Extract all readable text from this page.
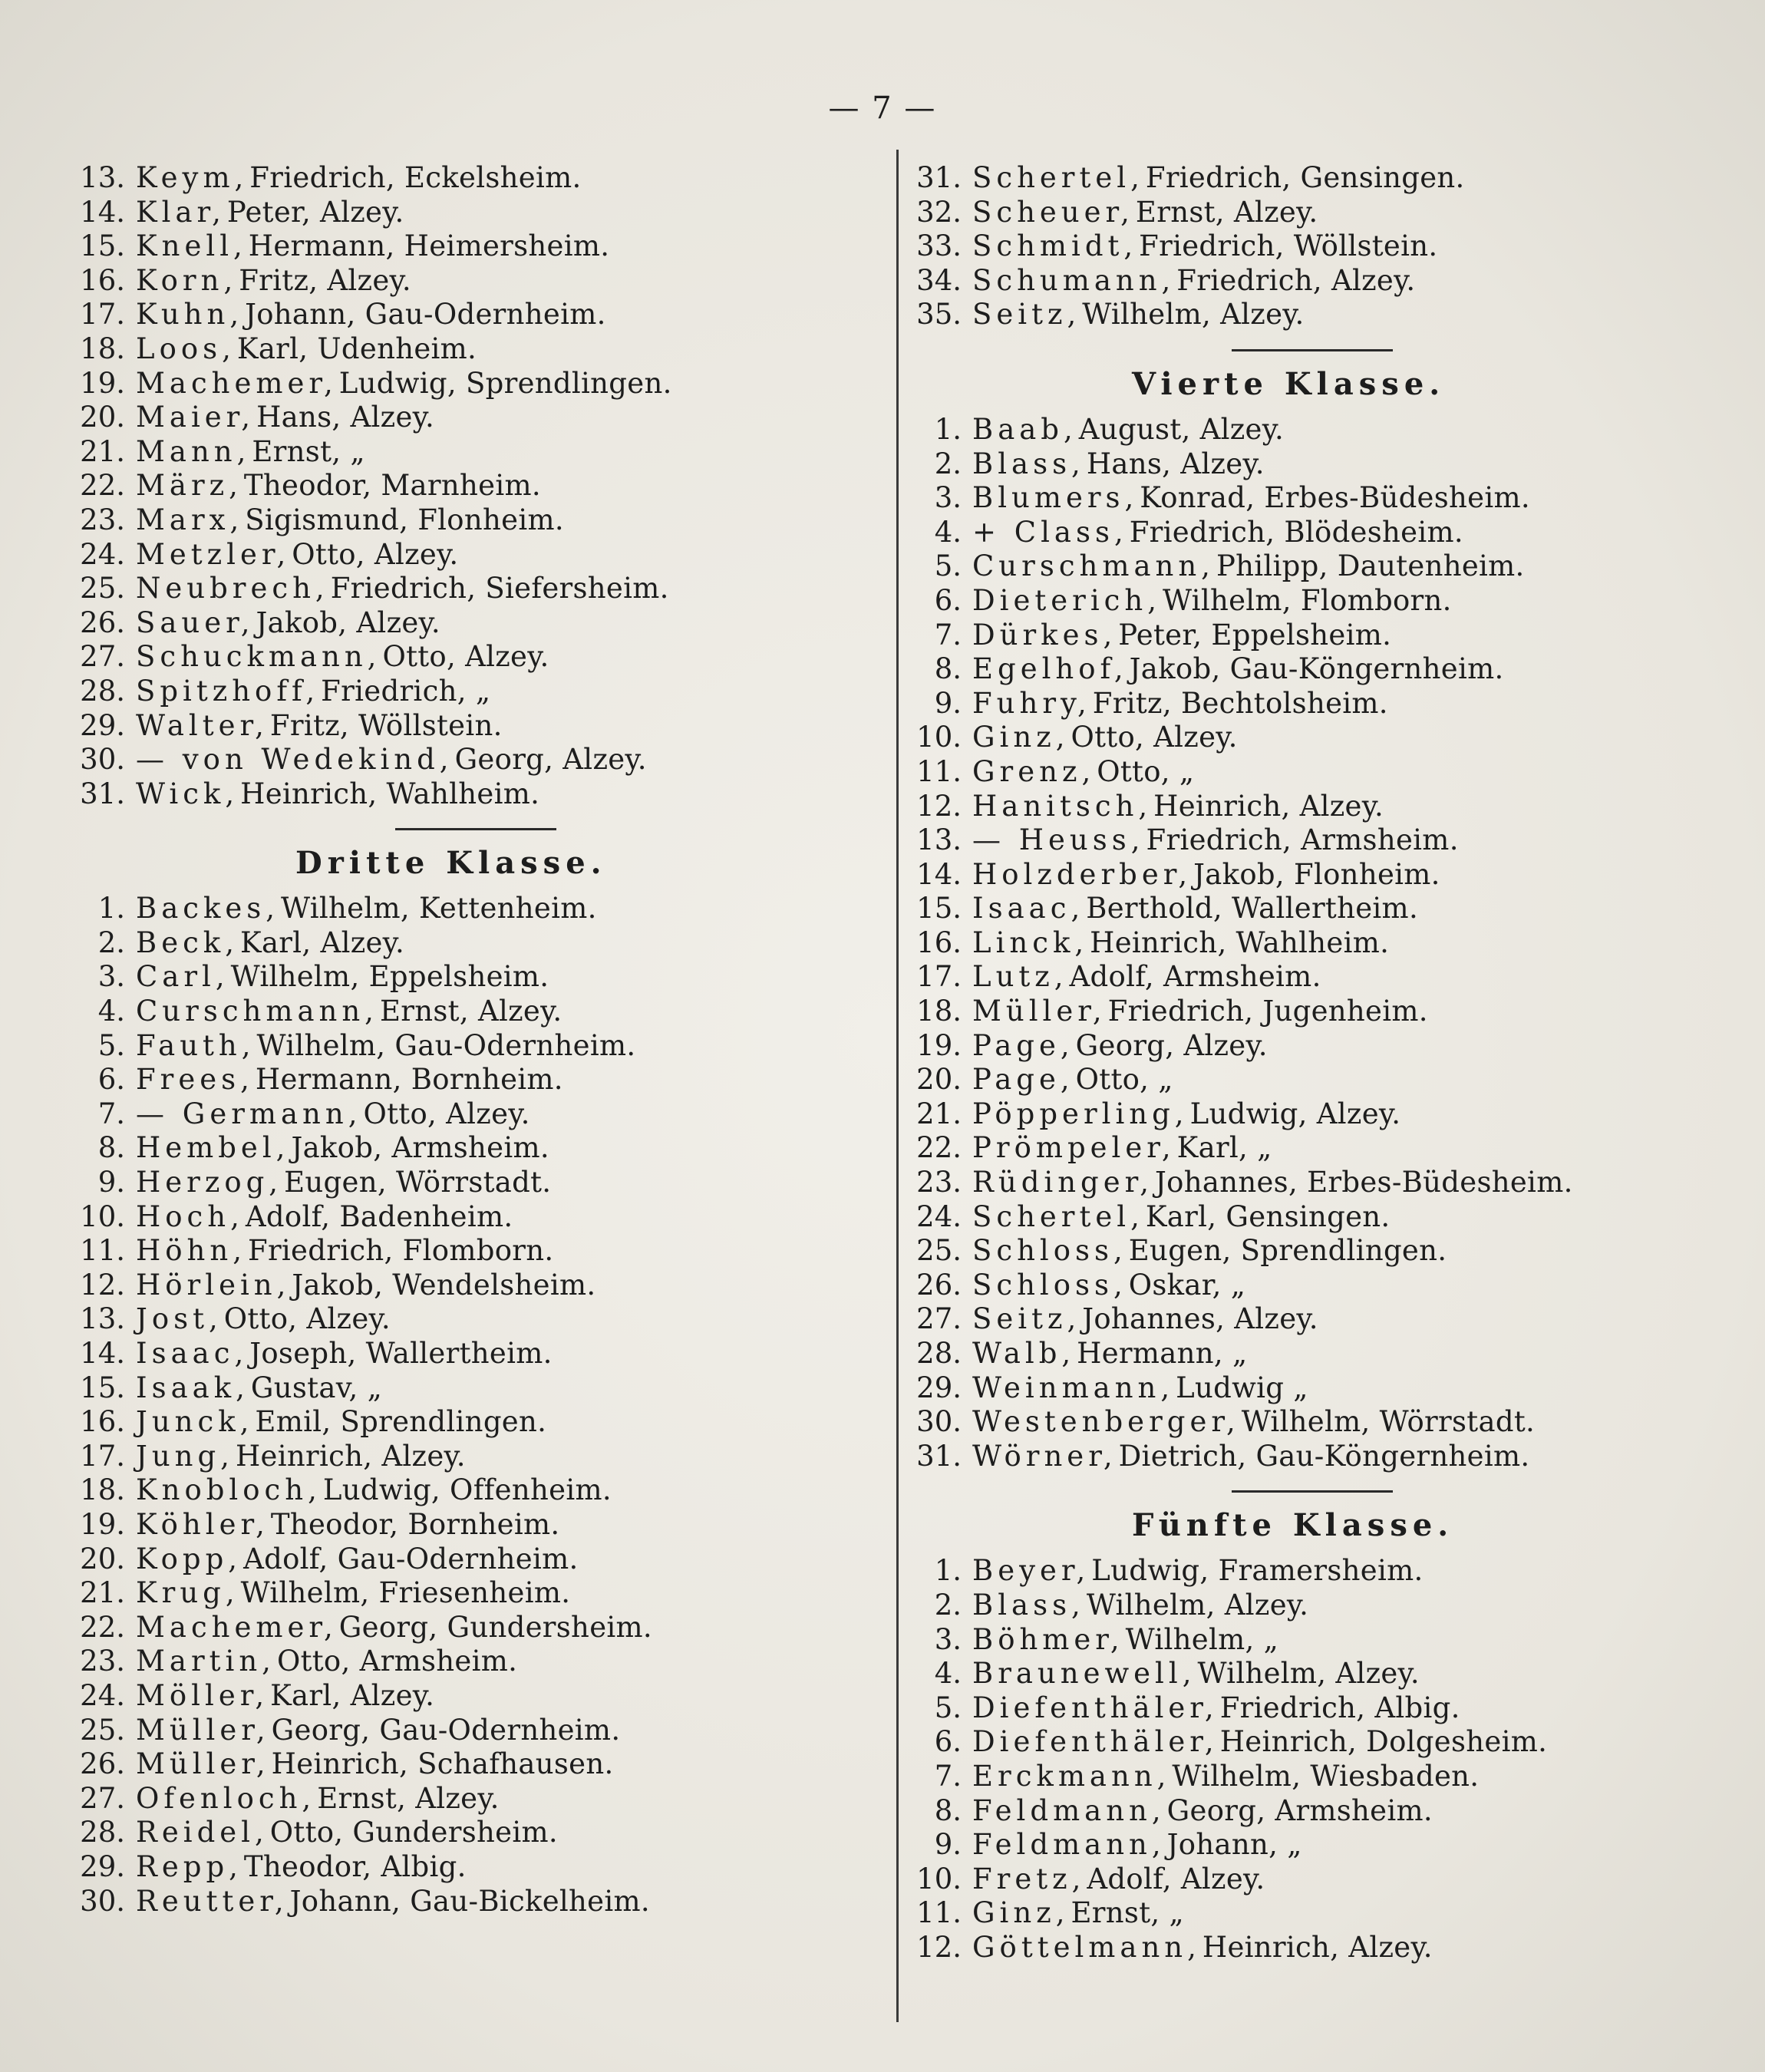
— 7 —
13. Keym, Friedrich, Eckelsheim.
14. Klar, Peter, Alzey.
15. Knell, Hermann, Heimersheim.
16. Korn, Fritz, Alzey.
17. Kuhn, Johann, Gau-Odernheim.
18. Loos, Karl, Udenheim.
19. Machemer, Ludwig, Sprendlingen.
20. Maier, Hans, Alzey.
21. Mann, Ernst, „
22. März, Theodor, Marnheim.
23. Marx, Sigismund, Flonheim.
24. Metzler, Otto, Alzey.
25. Neubrech, Friedrich, Siefersheim.
26. Sauer, Jakob, Alzey.
27. Schuckmann, Otto, Alzey.
28. Spitzhoff, Friedrich, „
29. Walter, Fritz, Wöllstein.
30. — von Wedekind, Georg, Alzey.
31. Wick, Heinrich, Wahlheim.
Dritte Klasse.
1. Backes, Wilhelm, Kettenheim.
2. Beck, Karl, Alzey.
3. Carl, Wilhelm, Eppelsheim.
4. Curschmann, Ernst, Alzey.
5. Fauth, Wilhelm, Gau-Odernheim.
6. Frees, Hermann, Bornheim.
7. — Germann, Otto, Alzey.
8. Hembel, Jakob, Armsheim.
9. Herzog, Eugen, Wörrstadt.
10. Hoch, Adolf, Badenheim.
11. Höhn, Friedrich, Flomborn.
12. Hörlein, Jakob, Wendelsheim.
13. Jost, Otto, Alzey.
14. Isaac, Joseph, Wallertheim.
15. Isaak, Gustav, „
16. Junck, Emil, Sprendlingen.
17. Jung, Heinrich, Alzey.
18. Knobloch, Ludwig, Offenheim.
19. Köhler, Theodor, Bornheim.
20. Kopp, Adolf, Gau-Odernheim.
21. Krug, Wilhelm, Friesenheim.
22. Machemer, Georg, Gundersheim.
23. Martin, Otto, Armsheim.
24. Möller, Karl, Alzey.
25. Müller, Georg, Gau-Odernheim.
26. Müller, Heinrich, Schafhausen.
27. Ofenloch, Ernst, Alzey.
28. Reidel, Otto, Gundersheim.
29. Repp, Theodor, Albig.
30. Reutter, Johann, Gau-Bickelheim.
31. Schertel, Friedrich, Gensingen.
32. Scheuer, Ernst, Alzey.
33. Schmidt, Friedrich, Wöllstein.
34. Schumann, Friedrich, Alzey.
35. Seitz, Wilhelm, Alzey.
Vierte Klasse.
1. Baab, August, Alzey.
2. Blass, Hans, Alzey.
3. Blumers, Konrad, Erbes-Büdesheim.
4. + Class, Friedrich, Blödesheim.
5. Curschmann, Philipp, Dautenheim.
6. Dieterich, Wilhelm, Flomborn.
7. Dürkes, Peter, Eppelsheim.
8. Egelhof, Jakob, Gau-Köngernheim.
9. Fuhry, Fritz, Bechtolsheim.
10. Ginz, Otto, Alzey.
11. Grenz, Otto, „
12. Hanitsch, Heinrich, Alzey.
13. — Heuss, Friedrich, Armsheim.
14. Holzderber, Jakob, Flonheim.
15. Isaac, Berthold, Wallertheim.
16. Linck, Heinrich, Wahlheim.
17. Lutz, Adolf, Armsheim.
18. Müller, Friedrich, Jugenheim.
19. Page, Georg, Alzey.
20. Page, Otto, „
21. Pöpperling, Ludwig, Alzey.
22. Prömpeler, Karl, „
23. Rüdinger, Johannes, Erbes-Büdesheim.
24. Schertel, Karl, Gensingen.
25. Schloss, Eugen, Sprendlingen.
26. Schloss, Oskar, „
27. Seitz, Johannes, Alzey.
28. Walb, Hermann, „
29. Weinmann, Ludwig „
30. Westenberger, Wilhelm, Wörrstadt.
31. Wörner, Dietrich, Gau-Köngernheim.
Fünfte Klasse.
1. Beyer, Ludwig, Framersheim.
2. Blass, Wilhelm, Alzey.
3. Böhmer, Wilhelm, „
4. Braunewell, Wilhelm, Alzey.
5. Diefenthäler, Friedrich, Albig.
6. Diefenthäler, Heinrich, Dolgesheim.
7. Erckmann, Wilhelm, Wiesbaden.
8. Feldmann, Georg, Armsheim.
9. Feldmann, Johann, „
10. Fretz, Adolf, Alzey.
11. Ginz, Ernst, „
12. Göttelmann, Heinrich, Alzey.
